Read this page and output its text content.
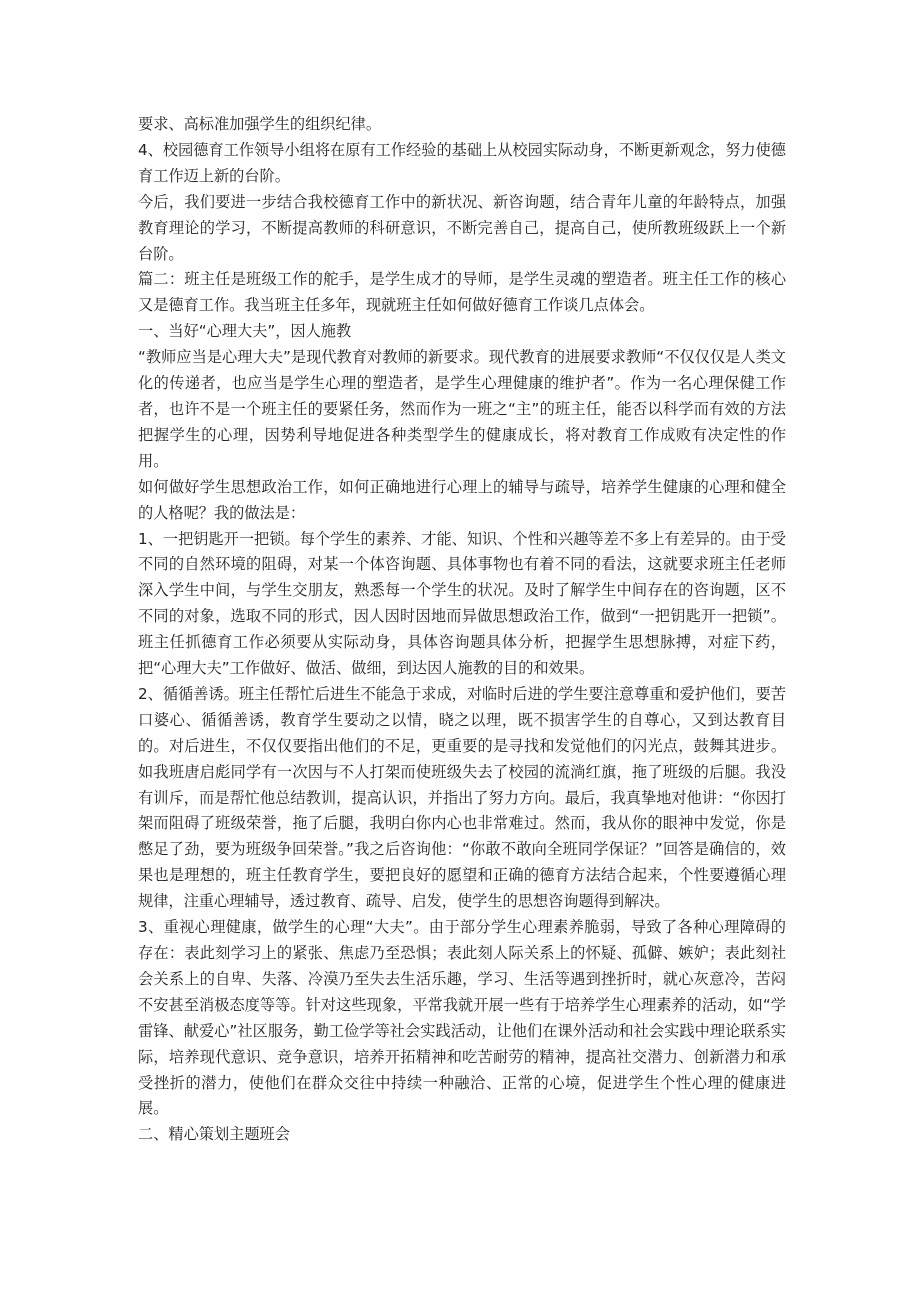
要求、高标准加强学生的组织纪律。

4、校园德育工作领导小组将在原有工作经验的基础上从校园实际动身，不断更新观念，努力使德育工作迈上新的台阶。

今后，我们要进一步结合我校德育工作中的新状况、新咨询题，结合青年儿童的年龄特点，加强教育理论的学习，不断提高教师的科研意识，不断完善自己，提高自己，使所教班级跃上一个新台阶。

篇二：班主任是班级工作的舵手，是学生成才的导师，是学生灵魂的塑造者。班主任工作的核心又是德育工作。我当班主任多年，现就班主任如何做好德育工作谈几点体会。

一、当好“心理大夫”，因人施教

“教师应当是心理大夫”是现代教育对教师的新要求。现代教育的进展要求教师“不仅仅仅是人类文化的传递者，也应当是学生心理的塑造者，是学生心理健康的维护者”。作为一名心理保健工作者，也许不是一个班主任的要紧任务，然而作为一班之“主”的班主任，能否以科学而有效的方法把握学生的心理，因势利导地促进各种类型学生的健康成长，将对教育工作成败有决定性的作用。

如何做好学生思想政治工作，如何正确地进行心理上的辅导与疏导，培养学生健康的心理和健全的人格呢？我的做法是：

1、一把钥匙开一把锁。每个学生的素养、才能、知识、个性和兴趣等差不多上有差异的。由于受不同的自然环境的阻碍，对某一个体咨询题、具体事物也有着不同的看法，这就要求班主任老师深入学生中间，与学生交朋友，熟悉每一个学生的状况。及时了解学生中间存在的咨询题，区不不同的对象，选取不同的形式，因人因时因地而异做思想政治工作，做到“一把钥匙开一把锁”。班主任抓德育工作必须要从实际动身，具体咨询题具体分析，把握学生思想脉搏，对症下药，把“心理大夫”工作做好、做活、做细，到达因人施教的目的和效果。

2、循循善诱。班主任帮忙后进生不能急于求成，对临时后进的学生要注意尊重和爱护他们，要苦口婆心、循循善诱，教育学生要动之以情，晓之以理，既不损害学生的自尊心，又到达教育目的。对后进生，不仅仅要指出他们的不足，更重要的是寻找和发觉他们的闪光点，鼓舞其进步。如我班唐启彪同学有一次因与不人打架而使班级失去了校园的流淌红旗，拖了班级的后腿。我没有训斥，而是帮忙他总结教训，提高认识，并指出了努力方向。最后，我真挚地对他讲：“你因打架而阻碍了班级荣誉，拖了后腿，我明白你内心也非常难过。然而，我从你的眼神中发觉，你是憋足了劲，要为班级争回荣誉。”我之后咨询他：“你敢不敢向全班同学保证？”回答是确信的，效果也是理想的，班主任教育学生，要把良好的愿望和正确的德育方法结合起来，个性要遵循心理规律，注重心理辅导，透过教育、疏导、启发，使学生的思想咨询题得到解决。

3、重视心理健康，做学生的心理“大夫”。由于部分学生心理素养脆弱，导致了各种心理障碍的存在：表此刻学习上的紧张、焦虑乃至恐惧；表此刻人际关系上的怀疑、孤僻、嫉妒；表此刻社会关系上的自卑、失落、冷漠乃至失去生活乐趣，学习、生活等遇到挫折时，就心灰意冷，苦闷不安甚至消极态度等等。针对这些现象，平常我就开展一些有于培养学生心理素养的活动，如“学雷锋、献爱心”社区服务，勤工俭学等社会实践活动，让他们在课外活动和社会实践中理论联系实际，培养现代意识、竞争意识，培养开拓精神和吃苦耐劳的精神，提高社交潜力、创新潜力和承受挫折的潜力，使他们在群众交往中持续一种融洽、正常的心境，促进学生个性心理的健康进展。

二、精心策划主题班会
